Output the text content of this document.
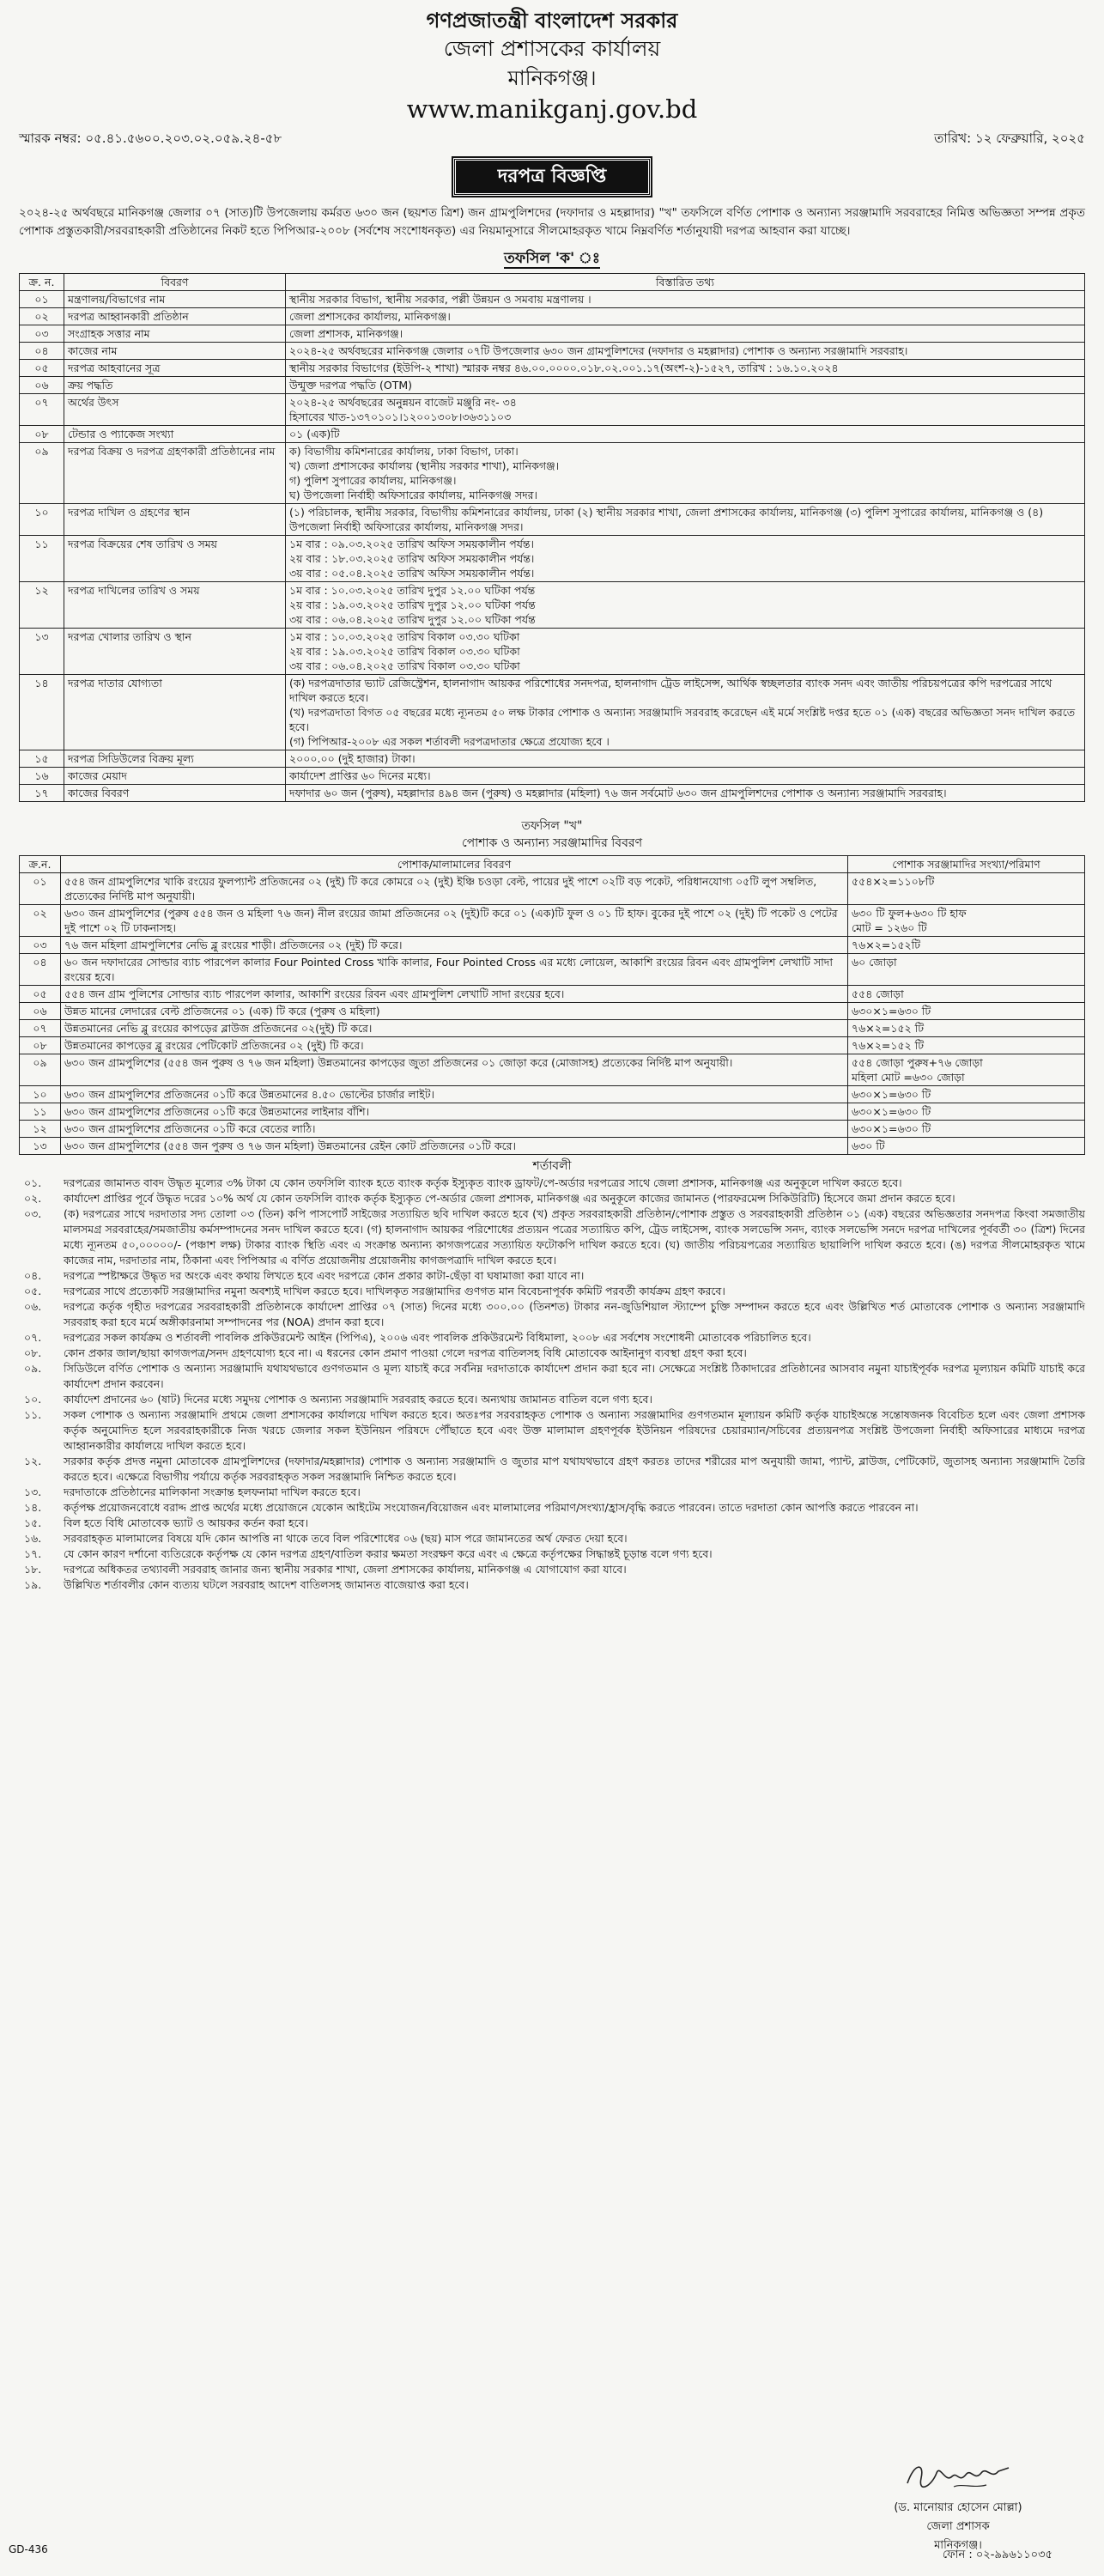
গণপ্রজাতন্ত্রী বাংলাদেশ সরকার
জেলা প্রশাসকের কার্যালয়
মানিকগঞ্জ।
www.manikganj.gov.bd
স্মারক নম্বর: ০৫.৪১.৫৬০০.২০৩.০২.০৫৯.২৪-৫৮	তারিখ: ১২ ফেব্রুয়ারি, ২০২৫
দরপত্র বিজ্ঞপ্তি

২০২৪-২৫ অর্থবছরে মানিকগঞ্জ জেলার ০৭ (সাত)টি উপজেলায় কর্মরত ৬৩০ জন (ছয়শত ত্রিশ) জন গ্রামপুলিশদের (দফাদার ও মহল্লাদার) "খ" তফসিলে বর্ণিত পোশাক ও অন্যান্য সরঞ্জামাদি সরবরাহের নিমিত্ত অভিজ্ঞতা সম্পন্ন প্রকৃত পোশাক প্রস্তুতকারী/সরবরাহকারী প্রতিষ্ঠানের নিকট হতে পিপিআর-২০০৮ (সর্বশেষ সংশোধনকৃত) এর নিয়মানুসারে সীলমোহরকৃত খামে নিম্নবর্ণিত শর্তানুযায়ী দরপত্র আহবান করা যাচ্ছে।

তফসিল 'ক' ঃ
ক্র. ন.	বিবরণ	বিস্তারিত তথ্য
০১	মন্ত্রণালয়/বিভাগের নাম	স্থানীয় সরকার বিভাগ, স্থানীয় সরকার, পল্লী উন্নয়ন ও সমবায় মন্ত্রণালয় ।
০২	দরপত্র আহ্বানকারী প্রতিষ্ঠান	জেলা প্রশাসকের কার্যালয়, মানিকগঞ্জ।
০৩	সংগ্রাহক সত্তার নাম	জেলা প্রশাসক, মানিকগঞ্জ।
০৪	কাজের নাম	২০২৪-২৫ অর্থবছরের মানিকগঞ্জ জেলার ০৭টি উপজেলার ৬৩০ জন গ্রামপুলিশদের (দফাদার ও মহল্লাদার) পোশাক ও অন্যান্য সরঞ্জামাদি সরবরাহ।
০৫	দরপত্র আহবানের সূত্র	স্থানীয় সরকার বিভাগের (ইউপি-২ শাখা) স্মারক নম্বর ৪৬.০০.০০০০.০১৮.০২.০০১.১৭(অংশ-২)-১৫২৭, তারিখ : ১৬.১০.২০২৪
০৬	ক্রয় পদ্ধতি	উন্মুক্ত দরপত্র পদ্ধতি (OTM)
০৭	অর্থের উৎস	২০২৪-২৫ অর্থবছরের অনুন্নয়ন বাজেট মঞ্জুরি নং- ৩৪
হিসাবের খাত-১৩৭০১০১।১২০০১৩০৮।৩৬৩১১০৩
০৮	টেন্ডার ও প্যাকেজ সংখ্যা	০১ (এক)টি
০৯	দরপত্র বিক্রয় ও দরপত্র গ্রহণকারী প্রতিষ্ঠানের নাম	ক) বিভাগীয় কমিশনারের কার্যালয়, ঢাকা বিভাগ, ঢাকা।
খ) জেলা প্রশাসকের কার্যালয় (স্থানীয় সরকার শাখা), মানিকগঞ্জ।
গ) পুলিশ সুপারের কার্যালয়, মানিকগঞ্জ।
ঘ) উপজেলা নির্বাহী অফিসারের কার্যালয়, মানিকগঞ্জ সদর।
১০	দরপত্র দাখিল ও গ্রহণের স্থান	(১) পরিচালক, স্থানীয় সরকার, বিভাগীয় কমিশনারের কার্যালয়, ঢাকা (২) স্থানীয় সরকার শাখা, জেলা প্রশাসকের কার্যালয়, মানিকগঞ্জ (৩) পুলিশ সুপারের কার্যালয়, মানিকগঞ্জ ও (৪) উপজেলা নির্বাহী অফিসারের কার্যালয়, মানিকগঞ্জ সদর।
১১	দরপত্র বিক্রয়ের শেষ তারিখ ও সময়	১ম বার : ০৯.০৩.২০২৫ তারিখ অফিস সময়কালীন পর্যন্ত।
২য় বার : ১৮.০৩.২০২৫ তারিখ অফিস সময়কালীন পর্যন্ত।
৩য় বার : ০৫.০৪.২০২৫ তারিখ অফিস সময়কালীন পর্যন্ত।
১২	দরপত্র দাখিলের তারিখ ও সময়	১ম বার : ১০.০৩.২০২৫ তারিখ দুপুর ১২.০০ ঘটিকা পর্যন্ত
২য় বার : ১৯.০৩.২০২৫ তারিখ দুপুর ১২.০০ ঘটিকা পর্যন্ত
৩য় বার : ০৬.০৪.২০২৫ তারিখ দুপুর ১২.০০ ঘটিকা পর্যন্ত
১৩	দরপত্র খোলার তারিখ ও স্থান	১ম বার : ১০.০৩.২০২৫ তারিখ বিকাল ০৩.৩০ ঘটিকা
২য় বার : ১৯.০৩.২০২৫ তারিখ বিকাল ০৩.৩০ ঘটিকা
৩য় বার : ০৬.০৪.২০২৫ তারিখ বিকাল ০৩.৩০ ঘটিকা
১৪	দরপত্র দাতার যোগ্যতা	(ক) দরপত্রদাতার ভ্যাট রেজিস্ট্রেশন, হালনাগাদ আয়কর পরিশোধের সনদপত্র, হালনাগাদ ট্রেড লাইসেন্স, আর্থিক স্বচ্ছলতার ব্যাংক সনদ এবং জাতীয় পরিচয়পত্রের কপি দরপত্রের সাথে দাখিল করতে হবে।
(খ) দরপত্রদাতা বিগত ০৫ বছরের মধ্যে ন্যূনতম ৫০ লক্ষ টাকার পোশাক ও অন্যান্য সরঞ্জামাদি সরবরাহ করেছেন এই মর্মে সংশ্লিষ্ট দপ্তর হতে ০১ (এক) বছরের অভিজ্ঞতা সনদ দাখিল করতে হবে।
(গ) পিপিআর-২০০৮ এর সকল শর্তাবলী দরপত্রদাতার ক্ষেত্রে প্রযোজ্য হবে ।
১৫	দরপত্র সিডিউলের বিক্রয় মূল্য	২০০০.০০ (দুই হাজার) টাকা।
১৬	কাজের মেয়াদ	কার্যাদেশ প্রাপ্তির ৬০ দিনের মধ্যে।
১৭	কাজের বিবরণ	দফাদার ৬০ জন (পুরুষ), মহল্লাদার ৪৯৪ জন (পুরুষ) ও মহল্লাদার (মহিলা) ৭৬ জন সর্বমোট ৬৩০ জন গ্রামপুলিশদের পোশাক ও অন্যান্য সরঞ্জামাদি সরবরাহ।
তফসিল "খ"
পোশাক ও অন্যান্য সরঞ্জামাদির বিবরণ
ক্র.ন.	পোশাক/মালামালের বিবরণ	পোশাক সরঞ্জামাদির সংখ্যা/পরিমাণ
০১	৫৫৪ জন গ্রামপুলিশের খাকি রংয়ের ফুলপ্যান্ট প্রতিজনের ০২ (দুই) টি করে কোমরে ০২ (দুই) ইঞ্চি চওড়া বেল্ট, পায়ের দুই পাশে ০২টি বড় পকেট, পরিধানযোগ্য ০৫টি লুপ সম্বলিত, প্রত্যেকের নির্দিষ্ট মাপ অনুযায়ী।	৫৫৪×২=১১০৮টি
০২	৬৩০ জন গ্রামপুলিশের (পুরুষ ৫৫৪ জন ও মহিলা ৭৬ জন) নীল রংয়ের জামা প্রতিজনের ০২ (দুই)টি করে ০১ (এক)টি ফুল ও ০১ টি হাফ। বুকের দুই পাশে ০২ (দুই) টি পকেট ও পেটের দুই পাশে ০২ টি ঢাকনাসহ।	৬৩০ টি ফুল+৬৩০ টি হাফ
মোট = ১২৬০ টি
০৩	৭৬ জন মহিলা গ্রামপুলিশের নেভি ব্লু রংয়ের শাড়ী। প্রতিজনের ০২ (দুই) টি করে।	৭৬×২=১৫২টি
০৪	৬০ জন দফাদারের সোল্ডার ব্যাচ পারপেল কালার Four Pointed Cross খাকি কালার, Four Pointed Cross এর মধ্যে লোয়েল, আকাশি রংয়ের রিবন এবং গ্রামপুলিশ লেখাটি সাদা রংয়ের হবে।	৬০ জোড়া
০৫	৫৫৪ জন গ্রাম পুলিশের সোল্ডার ব্যাচ পারপেল কালার, আকাশি রংয়ের রিবন এবং গ্রামপুলিশ লেখাটি সাদা রংয়ের হবে।	৫৫৪ জোড়া
০৬	উন্নত মানের লেদারের বেল্ট প্রতিজনের ০১ (এক) টি করে (পুরুষ ও মহিলা)	৬৩০×১=৬৩০ টি
০৭	উন্নতমানের নেভি ব্লু রংয়ের কাপড়ের ব্লাউজ প্রতিজনের ০২(দুই) টি করে।	৭৬×২=১৫২ টি
০৮	উন্নতমানের কাপড়ের ব্লু রংয়ের পেটিকোট প্রতিজনের ০২ (দুই) টি করে।	৭৬×২=১৫২ টি
০৯	৬৩০ জন গ্রামপুলিশের (৫৫৪ জন পুরুষ ও ৭৬ জন মহিলা) উন্নতমানের কাপড়ের জুতা প্রতিজনের ০১ জোড়া করে (মোজাসহ) প্রত্যেকের নির্দিষ্ট মাপ অনুযায়ী।	৫৫৪ জোড়া পুরুষ+৭৬ জোড়া
মহিলা মোট =৬৩০ জোড়া
১০	৬৩০ জন গ্রামপুলিশের প্রতিজনের ০১টি করে উন্নতমানের ৪.৫০ ভোল্টের চার্জার লাইট।	৬৩০×১=৬৩০ টি
১১	৬৩০ জন গ্রামপুলিশের প্রতিজনের ০১টি করে উন্নতমানের লাইনার বাঁশি।	৬৩০×১=৬৩০ টি
১২	৬৩০ জন গ্রামপুলিশের প্রতিজনের ০১টি করে বেতের লাঠি।	৬৩০×১=৬৩০ টি
১৩	৬৩০ জন গ্রামপুলিশের (৫৫৪ জন পুরুষ ও ৭৬ জন মহিলা) উন্নতমানের রেইন কোট প্রতিজনের ০১টি করে।	৬৩০ টি
শর্তাবলী
০১.	দরপত্রের জামানত বাবদ উদ্ধৃত মূল্যের ৩% টাকা যে কোন তফসিলি ব্যাংক হতে ব্যাংক কর্তৃক ইস্যুকৃত ব্যাংক ড্রাফট/পে-অর্ডার দরপত্রের সাথে জেলা প্রশাসক, মানিকগঞ্জ এর অনুকূলে দাখিল করতে হবে।
০২.	কার্যাদেশ প্রাপ্তির পূর্বে উদ্ধৃত দরের ১০% অর্থ যে কোন তফসিলি ব্যাংক কর্তৃক ইস্যুকৃত পে-অর্ডার জেলা প্রশাসক, মানিকগঞ্জ এর অনুকূলে কাজের জামানত (পারফরমেন্স সিকিউরিটি) হিসেবে জমা প্রদান করতে হবে।
০৩.	(ক) দরপত্রের সাথে দরদাতার সদ্য তোলা ০৩ (তিন) কপি পাসপোর্ট সাইজের সত্যায়িত ছবি দাখিল করতে হবে (খ) প্রকৃত সরবরাহকারী প্রতিষ্ঠান/পোশাক প্রস্তুত ও সরবরাহকারী প্রতিষ্ঠান ০১ (এক) বছরের অভিজ্ঞতার সনদপত্র কিংবা সমজাতীয় মালসমগ্র সরবরাহের/সমজাতীয় কর্মসম্পাদনের সনদ দাখিল করতে হবে। (গ) হালনাগাদ আয়কর পরিশোধের প্রত্যয়ন পত্রের সত্যায়িত কপি, ট্রেড লাইসেন্স, ব্যাংক সলভেন্সি সনদ, ব্যাংক সলভেন্সি সনদে দরপত্র দাখিলের পূর্ববর্তী ৩০ (ত্রিশ) দিনের মধ্যে ন্যূনতম ৫০,০০০০০/- (পঞ্চাশ লক্ষ) টাকার ব্যাংক স্থিতি এবং এ সংক্রান্ত অন্যান্য কাগজপত্রের সত্যায়িত ফটোকপি দাখিল করতে হবে। (ঘ) জাতীয় পরিচয়পত্রের সত্যায়িত ছায়ালিপি দাখিল করতে হবে। (ঙ) দরপত্র সীলমোহরকৃত খামে কাজের নাম, দরদাতার নাম, ঠিকানা এবং পিপিআর এ বর্ণিত প্রয়োজনীয় প্রয়োজনীয় কাগজপত্রাদি দাখিল করতে হবে।
০৪.	দরপত্রে স্পষ্টাক্ষরে উদ্ধৃত দর অংকে এবং কথায় লিখতে হবে এবং দরপত্রে কোন প্রকার কাটা-ছেঁড়া বা ঘষামাজা করা যাবে না।
০৫.	দরপত্রের সাথে প্রত্যেকটি সরঞ্জামাদির নমুনা অবশ্যই দাখিল করতে হবে। দাখিলকৃত সরঞ্জামাদির গুণগত মান বিবেচনাপূর্বক কমিটি পরবর্তী কার্যক্রম গ্রহণ করবে।
০৬.	দরপত্রে কর্তৃক গৃহীত দরপত্রের সরবরাহকারী প্রতিষ্ঠানকে কার্যাদেশ প্রাপ্তির ০৭ (সাত) দিনের মধ্যে ৩০০.০০ (তিনশত) টাকার নন-জুডিশিয়াল স্ট্যাম্পে চুক্তি সম্পাদন করতে হবে এবং উল্লিখিত শর্ত মোতাবেক পোশাক ও অন্যান্য সরঞ্জামাদি সরবরাহ করা হবে মর্মে অঙ্গীকারনামা সম্পাদনের পর (NOA) প্রদান করা হবে।
০৭.	দরপত্রের সকল কার্যক্রম ও শর্তাবলী পাবলিক প্রকিউরমেন্ট আইন (পিপিএ), ২০০৬ এবং পাবলিক প্রকিউরমেন্ট বিধিমালা, ২০০৮ এর সর্বশেষ সংশোধনী মোতাবেক পরিচালিত হবে।
০৮.	কোন প্রকার জাল/ছায়া কাগজপত্র/সনদ গ্রহণযোগ্য হবে না। এ ধরনের কোন প্রমাণ পাওয়া গেলে দরপত্র বাতিলসহ বিধি মোতাবেক আইনানুগ ব্যবস্থা গ্রহণ করা হবে।
০৯.	সিডিউলে বর্ণিত পোশাক ও অন্যান্য সরঞ্জামাদি যথাযথভাবে গুণগতমান ও মূল্য যাচাই করে সর্বনিম্ন দরদাতাকে কার্যাদেশ প্রদান করা হবে না। সেক্ষেত্রে সংশ্লিষ্ট ঠিকাদারের প্রতিষ্ঠানের আসবাব নমুনা যাচাইপূর্বক দরপত্র মূল্যায়ন কমিটি যাচাই করে কার্যাদেশ প্রদান করবেন।
১০.	কার্যাদেশ প্রদানের ৬০ (ষাট) দিনের মধ্যে সমুদয় পোশাক ও অন্যান্য সরঞ্জামাদি সরবরাহ করতে হবে। অন্যথায় জামানত বাতিল বলে গণ্য হবে।
১১.	সকল পোশাক ও অন্যান্য সরঞ্জামাদি প্রথমে জেলা প্রশাসকের কার্যালয়ে দাখিল করতে হবে। অতঃপর সরবরাহকৃত পোশাক ও অন্যান্য সরঞ্জামাদির গুণগতমান মূল্যায়ন কমিটি কর্তৃক যাচাইঅন্তে সন্তোষজনক বিবেচিত হলে এবং জেলা প্রশাসক কর্তৃক অনুমোদিত হলে সরবরাহকারীকে নিজ খরচে জেলার সকল ইউনিয়ন পরিষদে পৌঁছাতে হবে এবং উক্ত মালামাল গ্রহণপূর্বক ইউনিয়ন পরিষদের চেয়ারম্যান/সচিবের প্রত্যয়নপত্র সংশ্লিষ্ট উপজেলা নির্বাহী অফিসারের মাধ্যমে দরপত্র আহ্বানকারীর কার্যালয়ে দাখিল করতে হবে।
১২.	সরকার কর্তৃক প্রদত্ত নমুনা মোতাবেক গ্রামপুলিশদের (দফাদার/মহল্লাদার) পোশাক ও অন্যান্য সরঞ্জামাদি ও জুতার মাপ যথাযথভাবে গ্রহণ করতঃ তাদের শরীরের মাপ অনুযায়ী জামা, প্যান্ট, ব্লাউজ, পেটিকোট, জুতাসহ অন্যান্য সরঞ্জামাদি তৈরি করতে হবে। এক্ষেত্রে বিভাগীয় পর্যায়ে কর্তৃক সরবরাহকৃত সকল সরঞ্জামাদি নিশ্চিত করতে হবে।
১৩.	দরদাতাকে প্রতিষ্ঠানের মালিকানা সংক্রান্ত হলফনামা দাখিল করতে হবে।
১৪.	কর্তৃপক্ষ প্রয়োজনবোধে বরাদ্দ প্রাপ্ত অর্থের মধ্যে প্রয়োজনে যেকোন আইটেম সংযোজন/বিয়োজন এবং মালামালের পরিমাণ/সংখ্যা/হ্রাস/বৃদ্ধি করতে পারবেন। তাতে দরদাতা কোন আপত্তি করতে পারবেন না।
১৫.	বিল হতে বিধি মোতাবেক ভ্যাট ও আয়কর কর্তন করা হবে।
১৬.	সরবরাহকৃত মালামালের বিষয়ে যদি কোন আপত্তি না থাকে তবে বিল পরিশোধের ০৬ (ছয়) মাস পরে জামানতের অর্থ ফেরত দেয়া হবে।
১৭.	যে কোন কারণ দর্শানো ব্যতিরেকে কর্তৃপক্ষ যে কোন দরপত্র গ্রহণ/বাতিল করার ক্ষমতা সংরক্ষণ করে এবং এ ক্ষেত্রে কর্তৃপক্ষের সিদ্ধান্তই চূড়ান্ত বলে গণ্য হবে।
১৮.	দরপত্রে অধিকতর তথ্যাবলী সরবরাহ জানার জন্য স্থানীয় সরকার শাখা, জেলা প্রশাসকের কার্যালয়, মানিকগঞ্জ এ যোগাযোগ করা যাবে।
১৯.	উল্লিখিত শর্তাবলীর কোন ব্যত্যয় ঘটলে সরবরাহ আদেশ বাতিলসহ জামানত বাজেয়াপ্ত করা হবে।
(ড. মানোয়ার হোসেন মোল্লা)
জেলা প্রশাসক
মানিকগঞ্জ।
GD-436	ফোন : ০২-৯৯৬১১০৩৫
